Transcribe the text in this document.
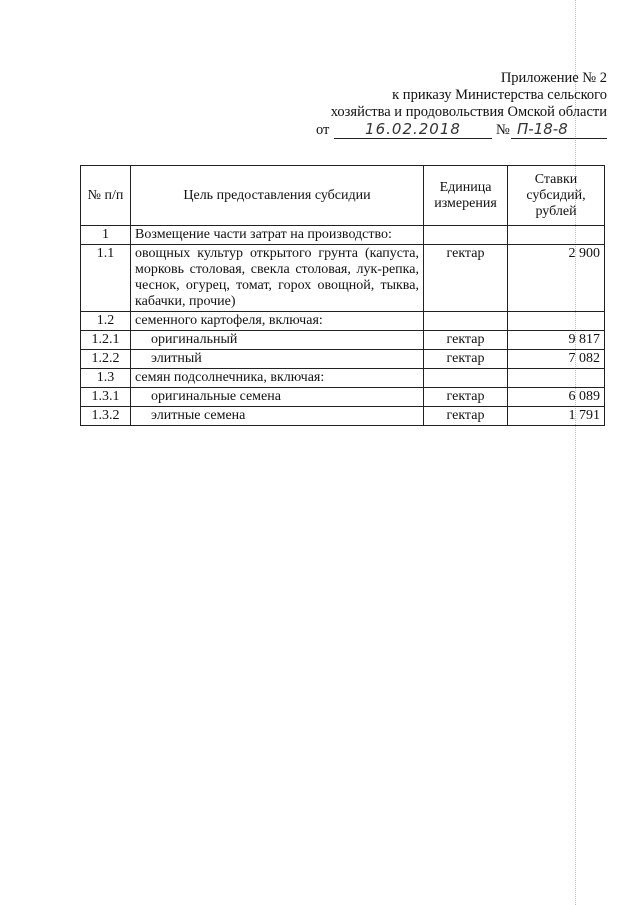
Приложение № 2
к приказу Министерства сельского
хозяйства и продовольствия Омской области
от	16.02.2018	№ П-18-8
№ п/п	Цель предоставления субсидии	Единица измерения	Ставки субсидий, рублей
1	Возмещение части затрат на производство:		
1.1	овощных культур открытого грунта (капуста, морковь столовая, свекла столовая, лук-репка, чеснок, огурец, томат, горох овощной, тыква, кабачки, прочие)	гектар	2 900
1.2	семенного картофеля, включая:		
1.2.1	оригинальный	гектар	9 817
1.2.2	элитный	гектар	7 082
1.3	семян подсолнечника, включая:		
1.3.1	оригинальные семена	гектар	6 089
1.3.2	элитные семена	гектар	1 791
